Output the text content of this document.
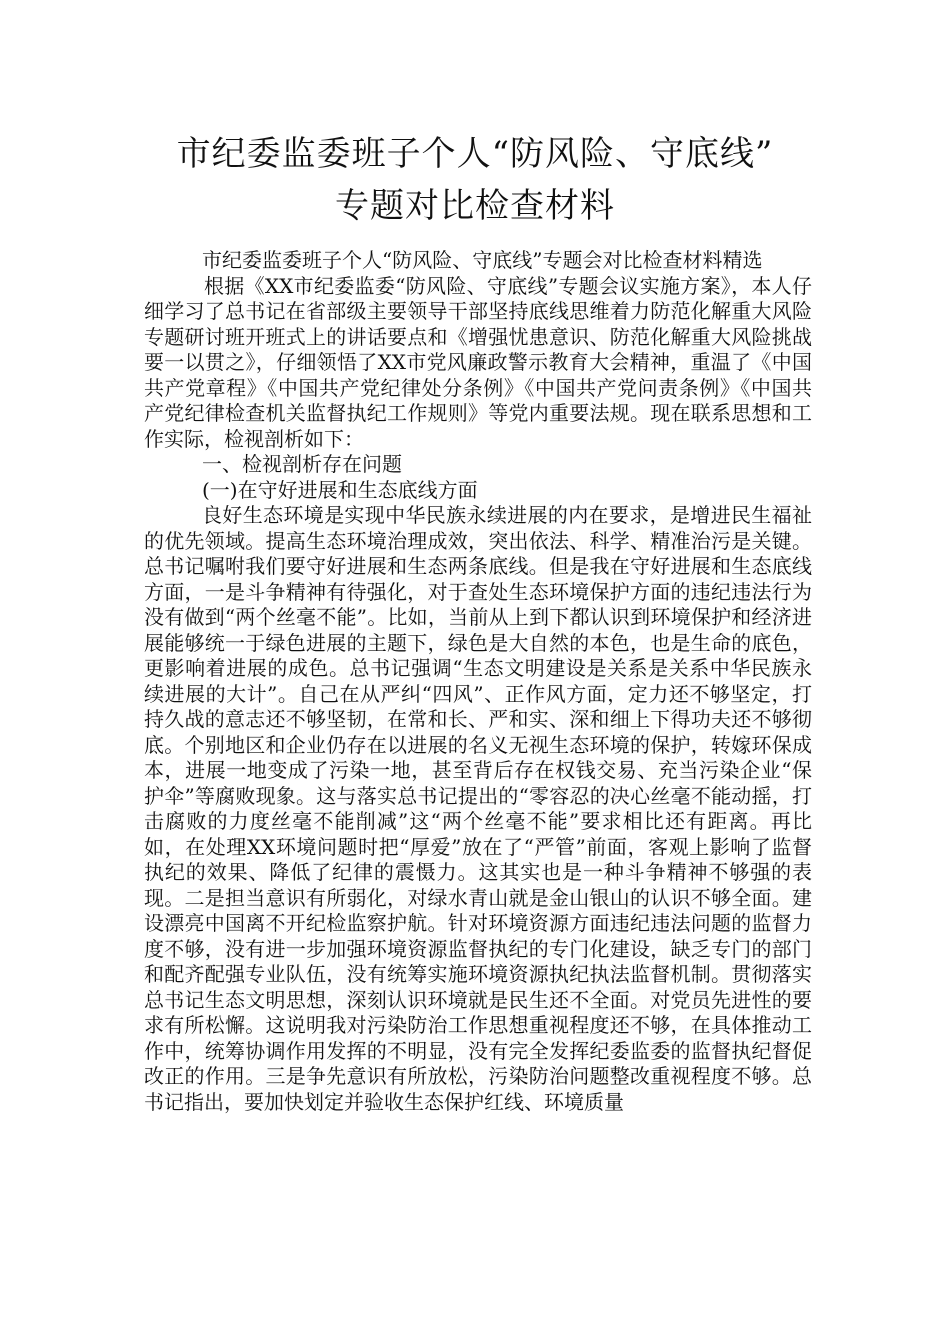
市纪委监委班子个人“防风险、守底线”
专题对比检查材料

市纪委监委班子个人“防风险、守底线”专题会对比检查材料精选

根据《XX市纪委监委“防风险、守底线”专题会议实施方案》，本人仔细学习了总书记在省部级主要领导干部坚持底线思维着力防范化解重大风险专题研讨班开班式上的讲话要点和《增强忧患意识、防范化解重大风险挑战要一以贯之》，仔细领悟了XX市党风廉政警示教育大会精神，重温了《中国共产党章程》《中国共产党纪律处分条例》《中国共产党问责条例》《中国共产党纪律检查机关监督执纪工作规则》等党内重要法规。现在联系思想和工作实际，检视剖析如下：

一、检视剖析存在问题

(一)在守好进展和生态底线方面

良好生态环境是实现中华民族永续进展的内在要求，是增进民生福祉的优先领域。提高生态环境治理成效，突出依法、科学、精准治污是关键。总书记嘱咐我们要守好进展和生态两条底线。但是我在守好进展和生态底线方面，一是斗争精神有待强化，对于查处生态环境保护方面的违纪违法行为没有做到“两个丝毫不能”。比如，当前从上到下都认识到环境保护和经济进展能够统一于绿色进展的主题下，绿色是大自然的本色，也是生命的底色，更影响着进展的成色。总书记强调“生态文明建设是关系是关系中华民族永续进展的大计”。自己在从严纠“四风”、正作风方面，定力还不够坚定，打持久战的意志还不够坚韧，在常和长、严和实、深和细上下得功夫还不够彻底。个别地区和企业仍存在以进展的名义无视生态环境的保护，转嫁环保成本，进展一地变成了污染一地，甚至背后存在权钱交易、充当污染企业“保护伞”等腐败现象。这与落实总书记提出的“零容忍的决心丝毫不能动摇，打击腐败的力度丝毫不能削减”这“两个丝毫不能”要求相比还有距离。再比如，在处理XX环境问题时把“厚爱”放在了“严管”前面，客观上影响了监督执纪的效果、降低了纪律的震慑力。这其实也是一种斗争精神不够强的表现。二是担当意识有所弱化，对绿水青山就是金山银山的认识不够全面。建设漂亮中国离不开纪检监察护航。针对环境资源方面违纪违法问题的监督力度不够，没有进一步加强环境资源监督执纪的专门化建设，缺乏专门的部门和配齐配强专业队伍，没有统筹实施环境资源执纪执法监督机制。贯彻落实总书记生态文明思想，深刻认识环境就是民生还不全面。对党员先进性的要求有所松懈。这说明我对污染防治工作思想重视程度还不够，在具体推动工作中，统筹协调作用发挥的不明显，没有完全发挥纪委监委的监督执纪督促改正的作用。三是争先意识有所放松，污染防治问题整改重视程度不够。总书记指出，要加快划定并验收生态保护红线、环境质量
